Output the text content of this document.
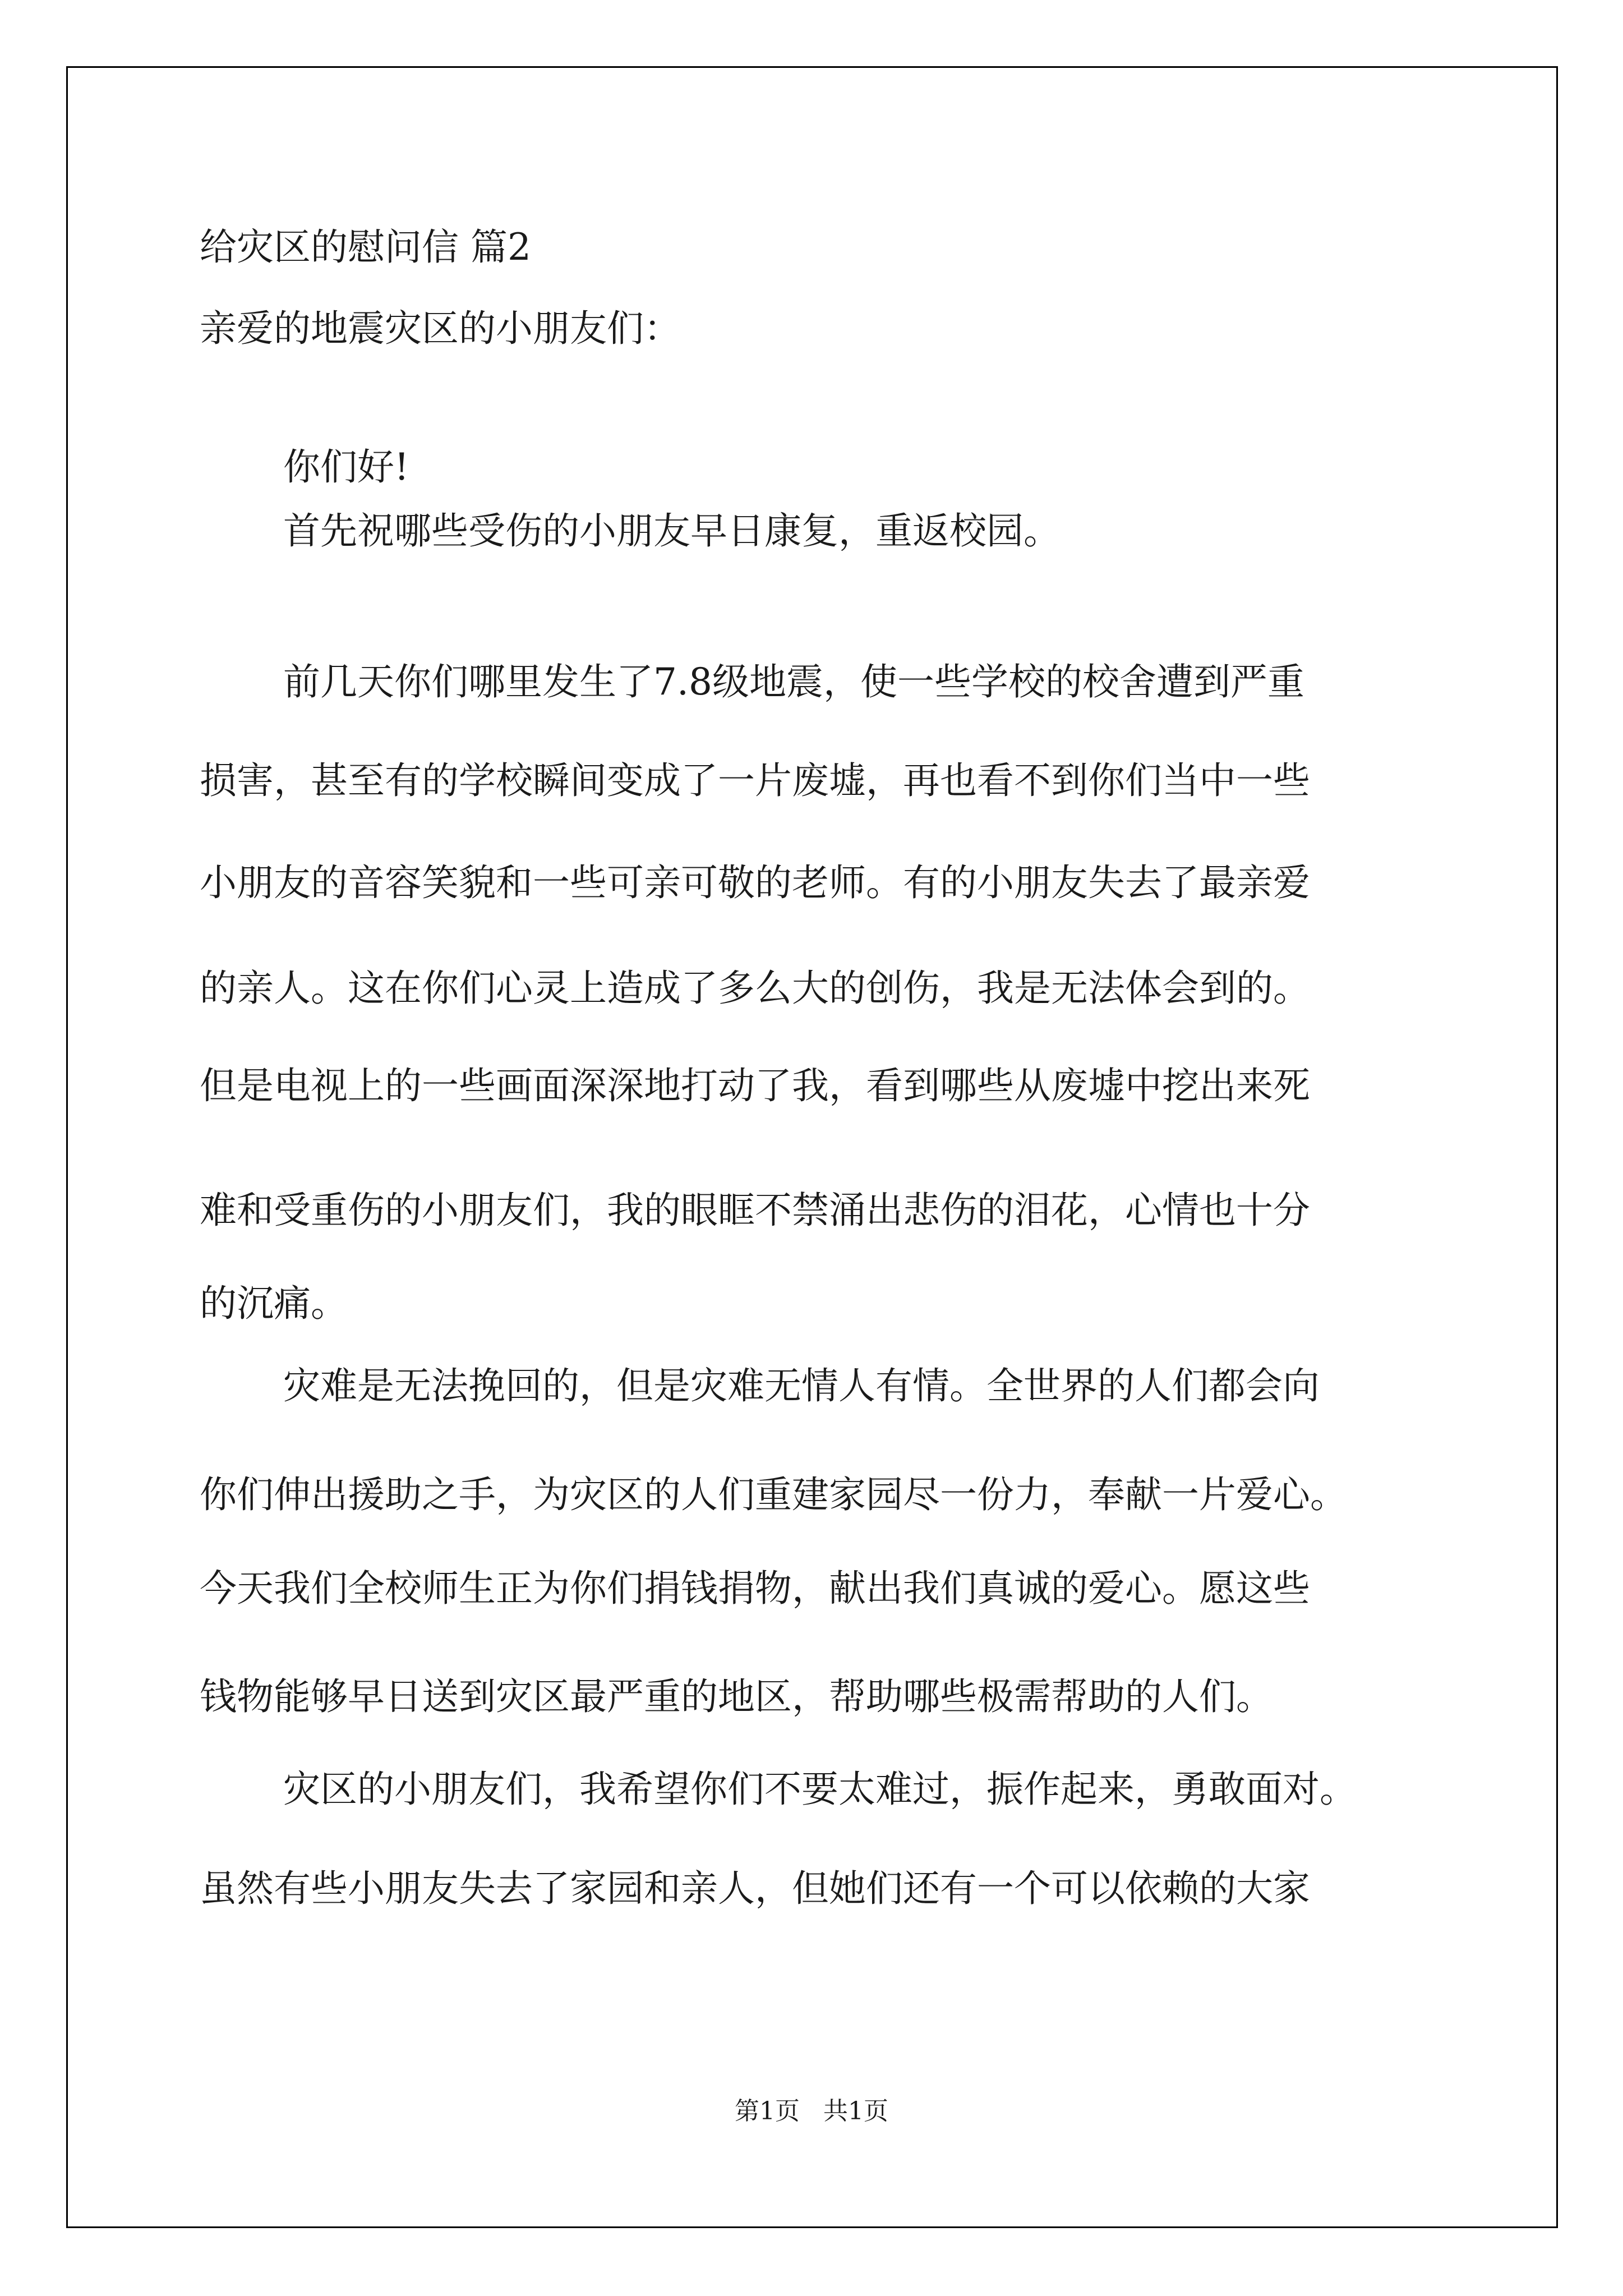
给灾区的慰问信 篇2
亲爱的地震灾区的小朋友们：
你们好!
首先祝哪些受伤的小朋友早日康复，重返校园。
前几天你们哪里发生了7.8级地震，使一些学校的校舍遭到严重
损害，甚至有的学校瞬间变成了一片废墟，再也看不到你们当中一些
小朋友的音容笑貌和一些可亲可敬的老师。有的小朋友失去了最亲爱
的亲人。这在你们心灵上造成了多么大的创伤，我是无法体会到的。
但是电视上的一些画面深深地打动了我，看到哪些从废墟中挖出来死
难和受重伤的小朋友们，我的眼眶不禁涌出悲伤的泪花，心情也十分
的沉痛。
灾难是无法挽回的，但是灾难无情人有情。全世界的人们都会向
你们伸出援助之手，为灾区的人们重建家园尽一份力，奉献一片爱心。
今天我们全校师生正为你们捐钱捐物，献出我们真诚的爱心。愿这些
钱物能够早日送到灾区最严重的地区，帮助哪些极需帮助的人们。
灾区的小朋友们，我希望你们不要太难过，振作起来，勇敢面对。
虽然有些小朋友失去了家园和亲人，但她们还有一个可以依赖的大家
第1页   共1页
